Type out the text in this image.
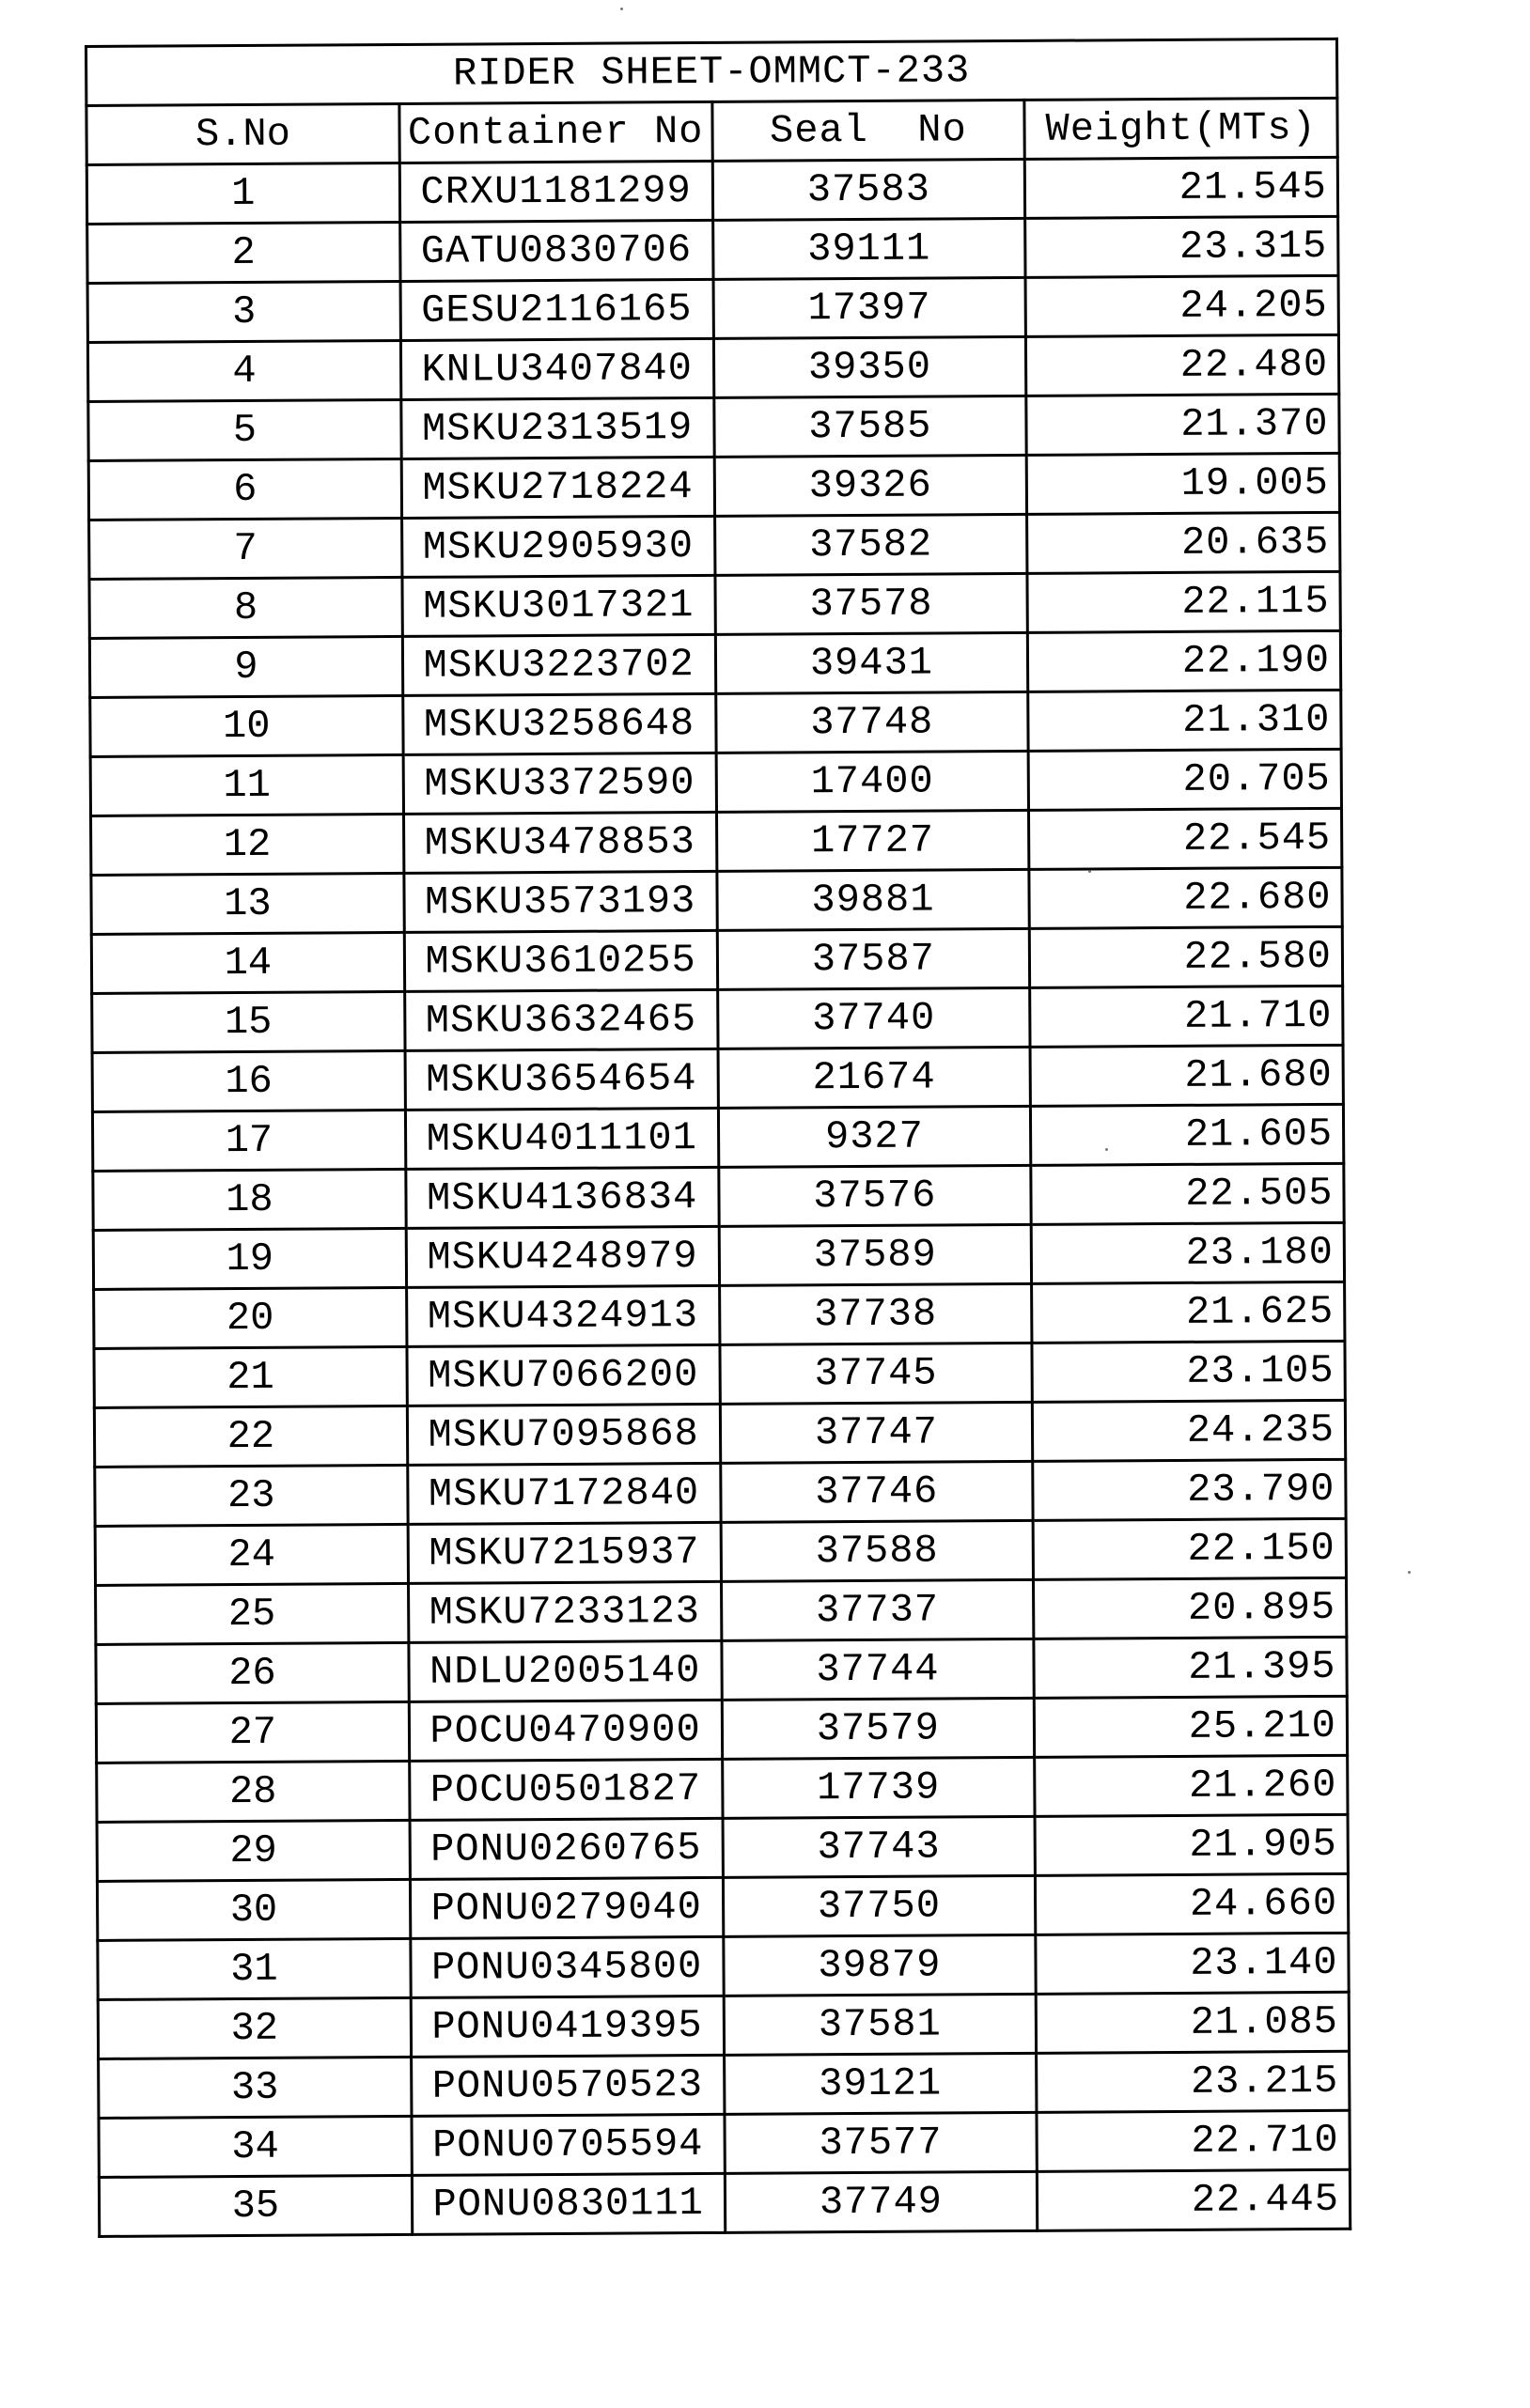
RIDER SHEET-OMMCT-233			
S.No	Container No	Seal  No	Weight(MTs)
1	CRXU1181299	37583	21.545
2	GATU0830706	39111	23.315
3	GESU2116165	17397	24.205
4	KNLU3407840	39350	22.480
5	MSKU2313519	37585	21.370
6	MSKU2718224	39326	19.005
7	MSKU2905930	37582	20.635
8	MSKU3017321	37578	22.115
9	MSKU3223702	39431	22.190
10	MSKU3258648	37748	21.310
11	MSKU3372590	17400	20.705
12	MSKU3478853	17727	22.545
13	MSKU3573193	39881	22.680
14	MSKU3610255	37587	22.580
15	MSKU3632465	37740	21.710
16	MSKU3654654	21674	21.680
17	MSKU4011101	9327	21.605
18	MSKU4136834	37576	22.505
19	MSKU4248979	37589	23.180
20	MSKU4324913	37738	21.625
21	MSKU7066200	37745	23.105
22	MSKU7095868	37747	24.235
23	MSKU7172840	37746	23.790
24	MSKU7215937	37588	22.150
25	MSKU7233123	37737	20.895
26	NDLU2005140	37744	21.395
27	POCU0470900	37579	25.210
28	POCU0501827	17739	21.260
29	PONU0260765	37743	21.905
30	PONU0279040	37750	24.660
31	PONU0345800	39879	23.140
32	PONU0419395	37581	21.085
33	PONU0570523	39121	23.215
34	PONU0705594	37577	22.710
35	PONU0830111	37749	22.445
